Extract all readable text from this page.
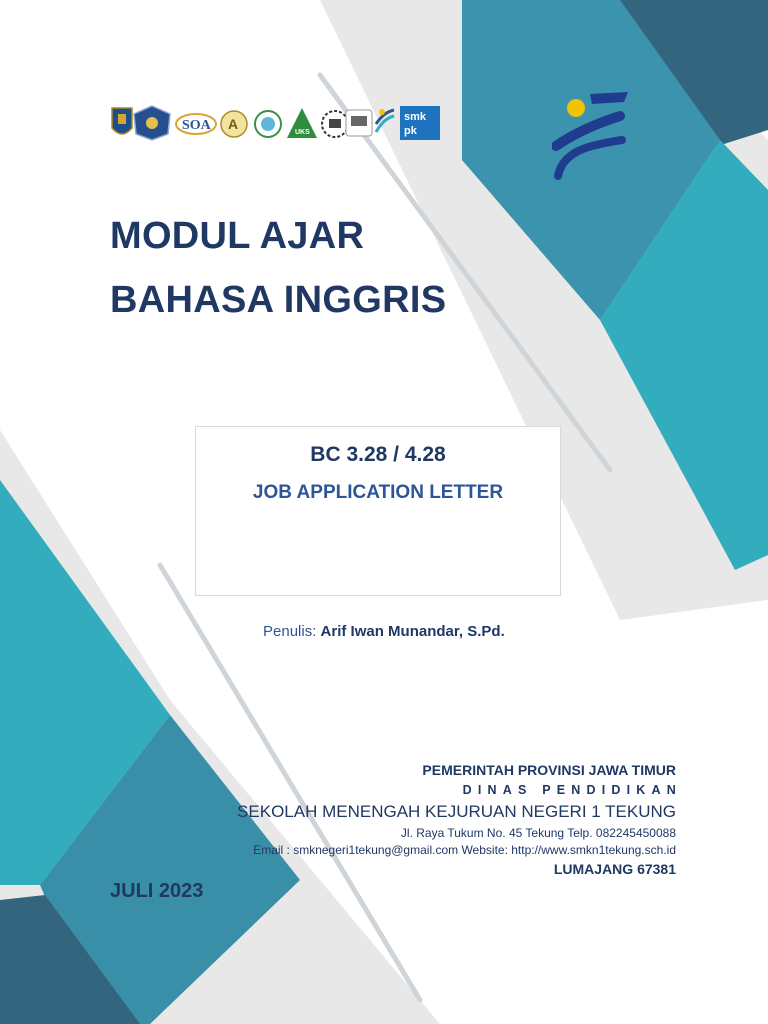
SOA A
UKS
smk
pk
MODUL AJAR
BAHASA INGGRIS
BC 3.28 / 4.28
JOB APPLICATION LETTER
Penulis: Arif Iwan Munandar, S.Pd.
PEMERINTAH PROVINSI JAWA TIMUR
DINAS PENDIDIKAN
SEKOLAH MENENGAH KEJURUAN NEGERI 1 TEKUNG
Jl. Raya Tukum No. 45 Tekung Telp. 082245450088
Email : smknegeri1tekung@gmail.com Website: http://www.smkn1tekung.sch.id
LUMAJANG 67381
JULI 2023
